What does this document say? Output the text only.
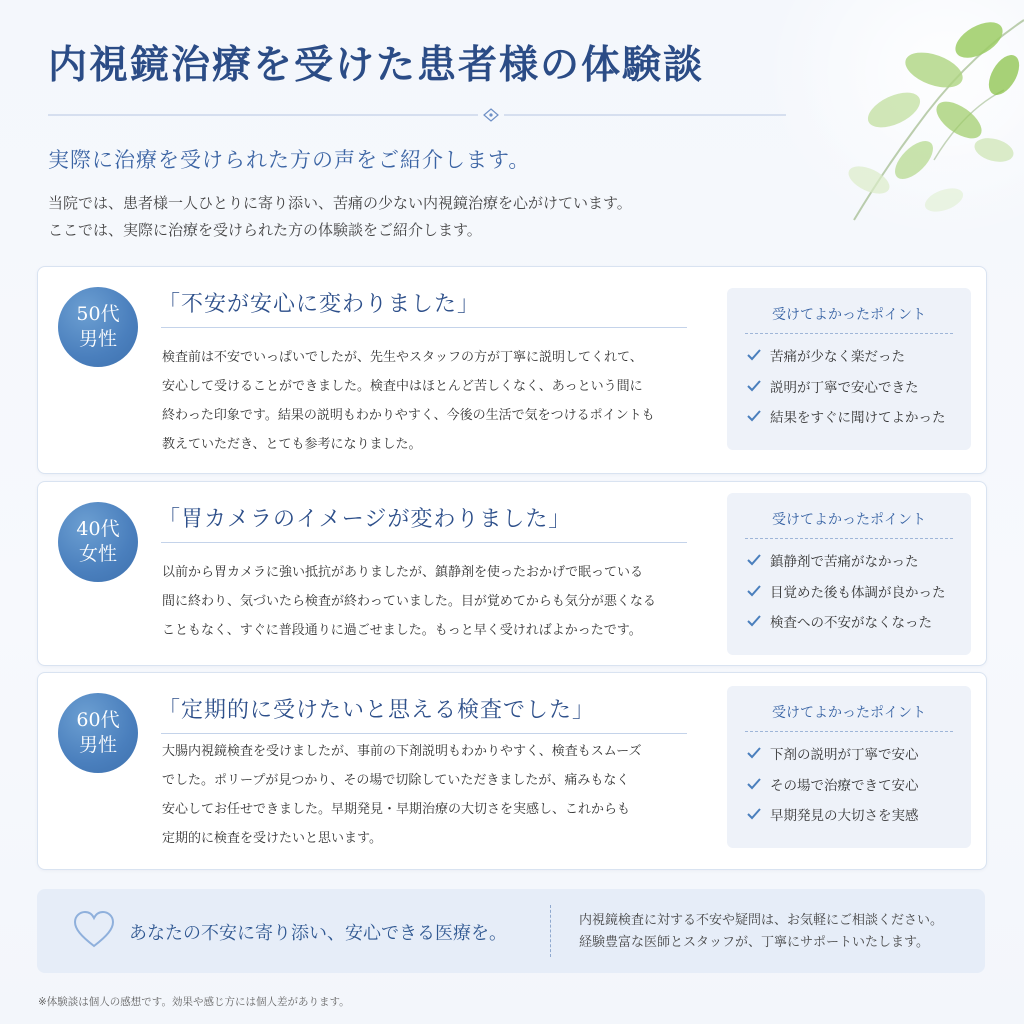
内視鏡治療を受けた患者様の体験談
実際に治療を受けられた方の声をご紹介します。

当院では、患者様一人ひとりに寄り添い、苦痛の少ない内視鏡治療を心がけています。

ここでは、実際に治療を受けられた方の体験談をご紹介します。

50代
男性
「不安が安心に変わりました」

検査前は不安でいっぱいでしたが、先生やスタッフの方が丁寧に説明してくれて、

安心して受けることができました。検査中はほとんど苦しくなく、あっという間に

終わった印象です。結果の説明もわかりやすく、今後の生活で気をつけるポイントも

教えていただき、とても参考になりました。

受けてよかったポイント
苦痛が少なく楽だった
説明が丁寧で安心できた
結果をすぐに聞けてよかった
40代
女性
「胃カメラのイメージが変わりました」

以前から胃カメラに強い抵抗がありましたが、鎮静剤を使ったおかげで眠っている

間に終わり、気づいたら検査が終わっていました。目が覚めてからも気分が悪くなる

こともなく、すぐに普段通りに過ごせました。もっと早く受ければよかったです。

受けてよかったポイント
鎮静剤で苦痛がなかった
目覚めた後も体調が良かった
検査への不安がなくなった
60代
男性
「定期的に受けたいと思える検査でした」

大腸内視鏡検査を受けましたが、事前の下剤説明もわかりやすく、検査もスムーズ

でした。ポリープが見つかり、その場で切除していただきましたが、痛みもなく

安心してお任せできました。早期発見・早期治療の大切さを実感し、これからも

定期的に検査を受けたいと思います。

受けてよかったポイント
下剤の説明が丁寧で安心
その場で治療できて安心
早期発見の大切さを実感
あなたの不安に寄り添い、安心できる医療を。

内視鏡検査に対する不安や疑問は、お気軽にご相談ください。

経験豊富な医師とスタッフが、丁寧にサポートいたします。

※体験談は個人の感想です。効果や感じ方には個人差があります。
